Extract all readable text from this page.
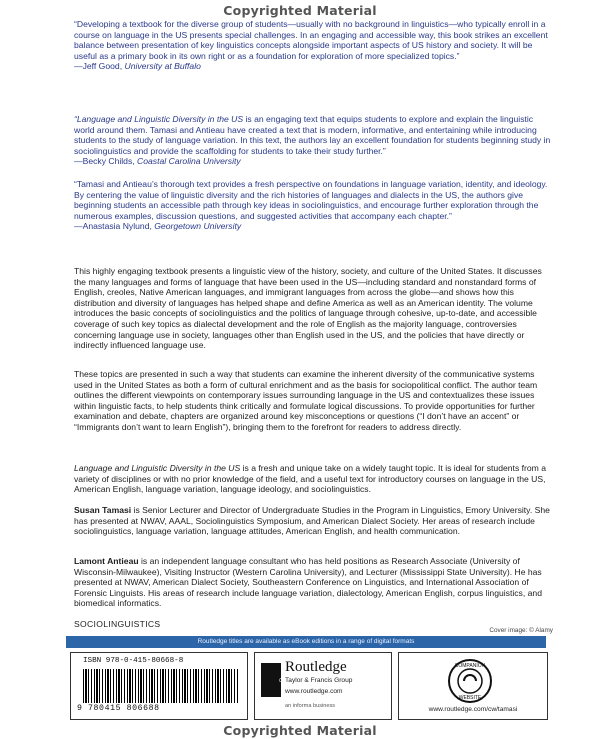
Copyrighted Material
“Developing a textbook for the diverse group of students—usually with no background in linguistics—who typically enroll in a course on language in the US presents special challenges. In an engaging and accessible way, this book strikes an excellent balance between presentation of key linguistics concepts alongside important aspects of US history and society. It will be useful as a primary book in its own right or as a foundation for exploration of more specialized topics.”
—Jeff Good, University at Buffalo
“Language and Linguistic Diversity in the US is an engaging text that equips students to explore and explain the linguistic world around them. Tamasi and Antieau have created a text that is modern, informative, and entertaining while introducing students to the study of language variation. In this text, the authors lay an excellent foundation for students beginning study in sociolinguistics and provide the scaffolding for students to take their study further.”
—Becky Childs, Coastal Carolina University
“Tamasi and Antieau’s thorough text provides a fresh perspective on foundations in language variation, identity, and ideology. By centering the value of linguistic diversity and the rich histories of languages and dialects in the US, the authors give beginning students an accessible path through key ideas in sociolinguistics, and encourage further exploration through the numerous examples, discussion questions, and suggested activities that accompany each chapter.”
—Anastasia Nylund, Georgetown University
This highly engaging textbook presents a linguistic view of the history, society, and culture of the United States. It discusses the many languages and forms of language that have been used in the US—including standard and nonstandard forms of English, creoles, Native American languages, and immigrant languages from across the globe—and shows how this distribution and diversity of languages has helped shape and define America as well as an American identity. The volume introduces the basic concepts of sociolinguistics and the politics of language through cohesive, up-to-date, and accessible coverage of such key topics as dialectal development and the role of English as the majority language, controversies concerning language use in society, languages other than English used in the US, and the policies that have directly or indirectly influenced language use.
These topics are presented in such a way that students can examine the inherent diversity of the communicative systems used in the United States as both a form of cultural enrichment and as the basis for sociopolitical conflict. The author team outlines the different viewpoints on contemporary issues surrounding language in the US and contextualizes these issues within linguistic facts, to help students think critically and formulate logical discussions. To provide opportunities for further examination and debate, chapters are organized around key misconceptions or questions (“I don’t have an accent” or “Immigrants don’t want to learn English”), bringing them to the forefront for readers to address directly.
Language and Linguistic Diversity in the US is a fresh and unique take on a widely taught topic. It is ideal for students from a variety of disciplines or with no prior knowledge of the field, and a useful text for introductory courses on language in the US, American English, language variation, language ideology, and sociolinguistics.
Susan Tamasi is Senior Lecturer and Director of Undergraduate Studies in the Program in Linguistics, Emory University. She has presented at NWAV, AAAL, Sociolinguistics Symposium, and American Dialect Society. Her areas of research include sociolinguistics, language variation, language attitudes, American English, and health communication.
Lamont Antieau is an independent language consultant who has held positions as Research Associate (University of Wisconsin-Milwaukee), Visiting Instructor (Western Carolina University), and Lecturer (Mississippi State University). He has presented at NWAV, American Dialect Society, Southeastern Conference on Linguistics, and International Association of Forensic Linguists. His areas of research include language variation, dialectology, American English, corpus linguistics, and biomedical informatics.
SOCIOLINGUISTICS
Cover image: © Alamy
Routledge titles are available as eBook editions in a range of digital formats
ISBN 978-0-415-80668-8
9 780415 806688
R
Routledge
Taylor & Francis Group
www.routledge.com
an informa business
COMPANION
WEBSITE
www.routledge.com/cw/tamasi
Copyrighted Material
